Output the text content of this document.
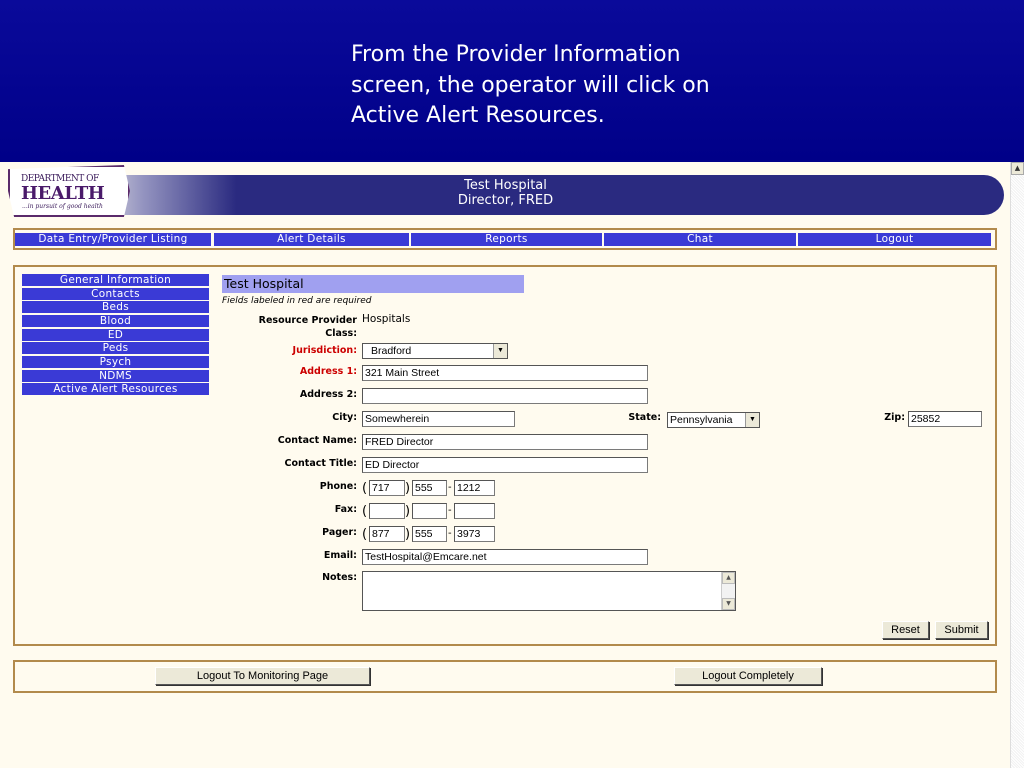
From the Provider Information
screen, the operator will click on
Active Alert Resources.
▲
DEPARTMENT OF
HEALTH
...in pursuit of good health
Test Hospital
Director, FRED
Data Entry/Provider Listing	Alert Details	Reports	Chat	Logout
General Information
Contacts
Beds
Blood
ED
Peds
Psych
NDMS
Active Alert Resources
Test Hospital
Fields labeled in red are required
Resource Provider
Class:
Hospitals
Jurisdiction:	Bradford	▼
Address 1: 321 Main Street
Address 2:
City: Somewherein	State: Pennsylvania	▼	Zip: 25852
Contact Name: FRED Director
Contact Title: ED Director
Phone: ( 717	) 555	- 1212
Fax: (	)	-
Pager: ( 877	) 555	- 3973
Email: TestHospital@Emcare.net
Notes:	▲
▼
Reset	Submit
Logout To Monitoring Page	Logout Completely
